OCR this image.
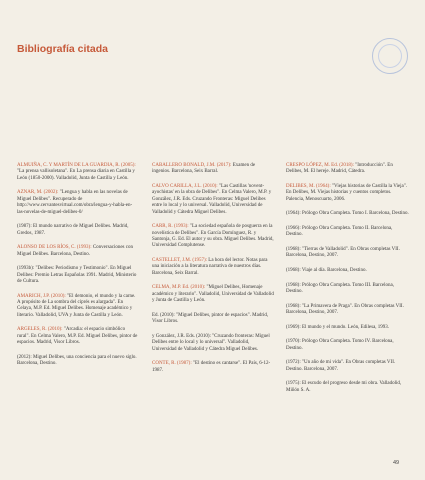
Bibliografía citada
ALMUIÑA, C. Y MARTÍN DE LA GUARDIA, R. (2005): "La prensa vallisoletana". En La prensa diaria en Castilla y León (1850-2000). Valladolid, Junta de Castilla y León.
AZNAR, M. (2002): "Lengua y habla en las novelas de Miguel Delibes". Recuperado de http://www.cervantesvirtual.com/obra/lengua-y-habla-en-las-novelas-de-miguel-delibes-0/
(1987): El mundo narrativo de Miguel Delibes. Madrid, Gredos, 1987.
ALONSO DE LOS RÍOS, C. (1993): Conversaciones con Miguel Delibes. Barcelona, Destino.
(1993b): "Delibes: Periodismo y Testimonio". En Miguel Delibes: Premio Letras Españolas 1991. Madrid, Ministerio de Cultura.
AMARICH, J.P. (2010): "El demonio, el mundo y la carne. A propósito de La sombra del ciprés es alargada". En Celaya, M.P. Ed. Miguel Delibes. Homenaje académico y literario. Valladolid, UVA y Junta de Castilla y León.
ARGELES, R. (2010): "Arcadia: el espacio simbólico rural". En Celma Valero, M.P. Ed. Miguel Delibes, pintor de espacios. Madrid, Visor Libros.
(2012): Miguel Delibes, una conciencia para el nuevo siglo. Barcelona, Destino.
CABALLERO BONALD, J.M. (2017): Examen de ingenios. Barcelona, Seix Barral.
CALVO CARILLA, J.L. (2010): "Las Castillas 'noventayochistas' en la obra de Delibes". En Celma Valero, M.P. y González, J.R. Eds. Cruzando Fronteras: Miguel Delibes entre lo local y lo universal. Valladolid, Universidad de Valladolid y Cátedra Miguel Delibes.
CARR, R. (1993): "La sociedad española de posguerra en la novelística de Delibes". En García Domínguez, R. y Santonja, G. Ed. El autor y su obra. Miguel Delibes. Madrid, Universidad Complutense.
CASTELLET, J.M. (1957): La hora del lector. Notas para una iniciación a la literatura narrativa de nuestros días. Barcelona, Seix Barral.
CELMA, M.P. Ed. (2010): "Miguel Delibes, Homenaje académico y literario". Valladolid, Universidad de Valladolid y Junta de Castilla y León.
Ed. (2010): "Miguel Delibes, pintor de espacios". Madrid, Visor Libros.
y González, J.R. Eds. (2010): "Cruzando fronteras: Miguel Delibes entre lo local y lo universal". Valladolid, Universidad de Valladolid y Cátedra Miguel Delibes.
CONTE, R. (1987): "El destino es cantarse". El País, 6-12-1987.
CRESPO LÓPEZ, M. Ed. (2018): "Introducción". En Delibes, M. El hereje. Madrid, Cátedra.
DELIBES, M. (1964): "Viejas historias de Castilla la Vieja". En Delibes, M. Viejas historias y cuentos completos. Palencia, Menoscuarto, 2006.
(1964): Prólogo Obra Completa. Tomo I. Barcelona, Destino.
(1966): Prólogo Obra Completa. Tomo II. Barcelona, Destino.
(1968): "Tierras de Valladolid". En Obras completas VII. Barcelona, Destino, 2007.
(1968): Viaje al día. Barcelona, Destino.
(1968): Prólogo Obra Completa. Tomo III. Barcelona, Destino.
(1968): "La Primavera de Praga". En Obras completas VII. Barcelona, Destino, 2007.
(1969): El mundo y el mundo. León, Edilesa, 1993.
(1970): Prólogo Obra Completa. Tomo IV. Barcelona, Destino.
(1972): "Un año de mi vida". En Obras completas VII. Destino. Barcelona, 2007.
(1975): El escudo del progreso desde mi obra. Valladolid, Miñón S. A.
49
